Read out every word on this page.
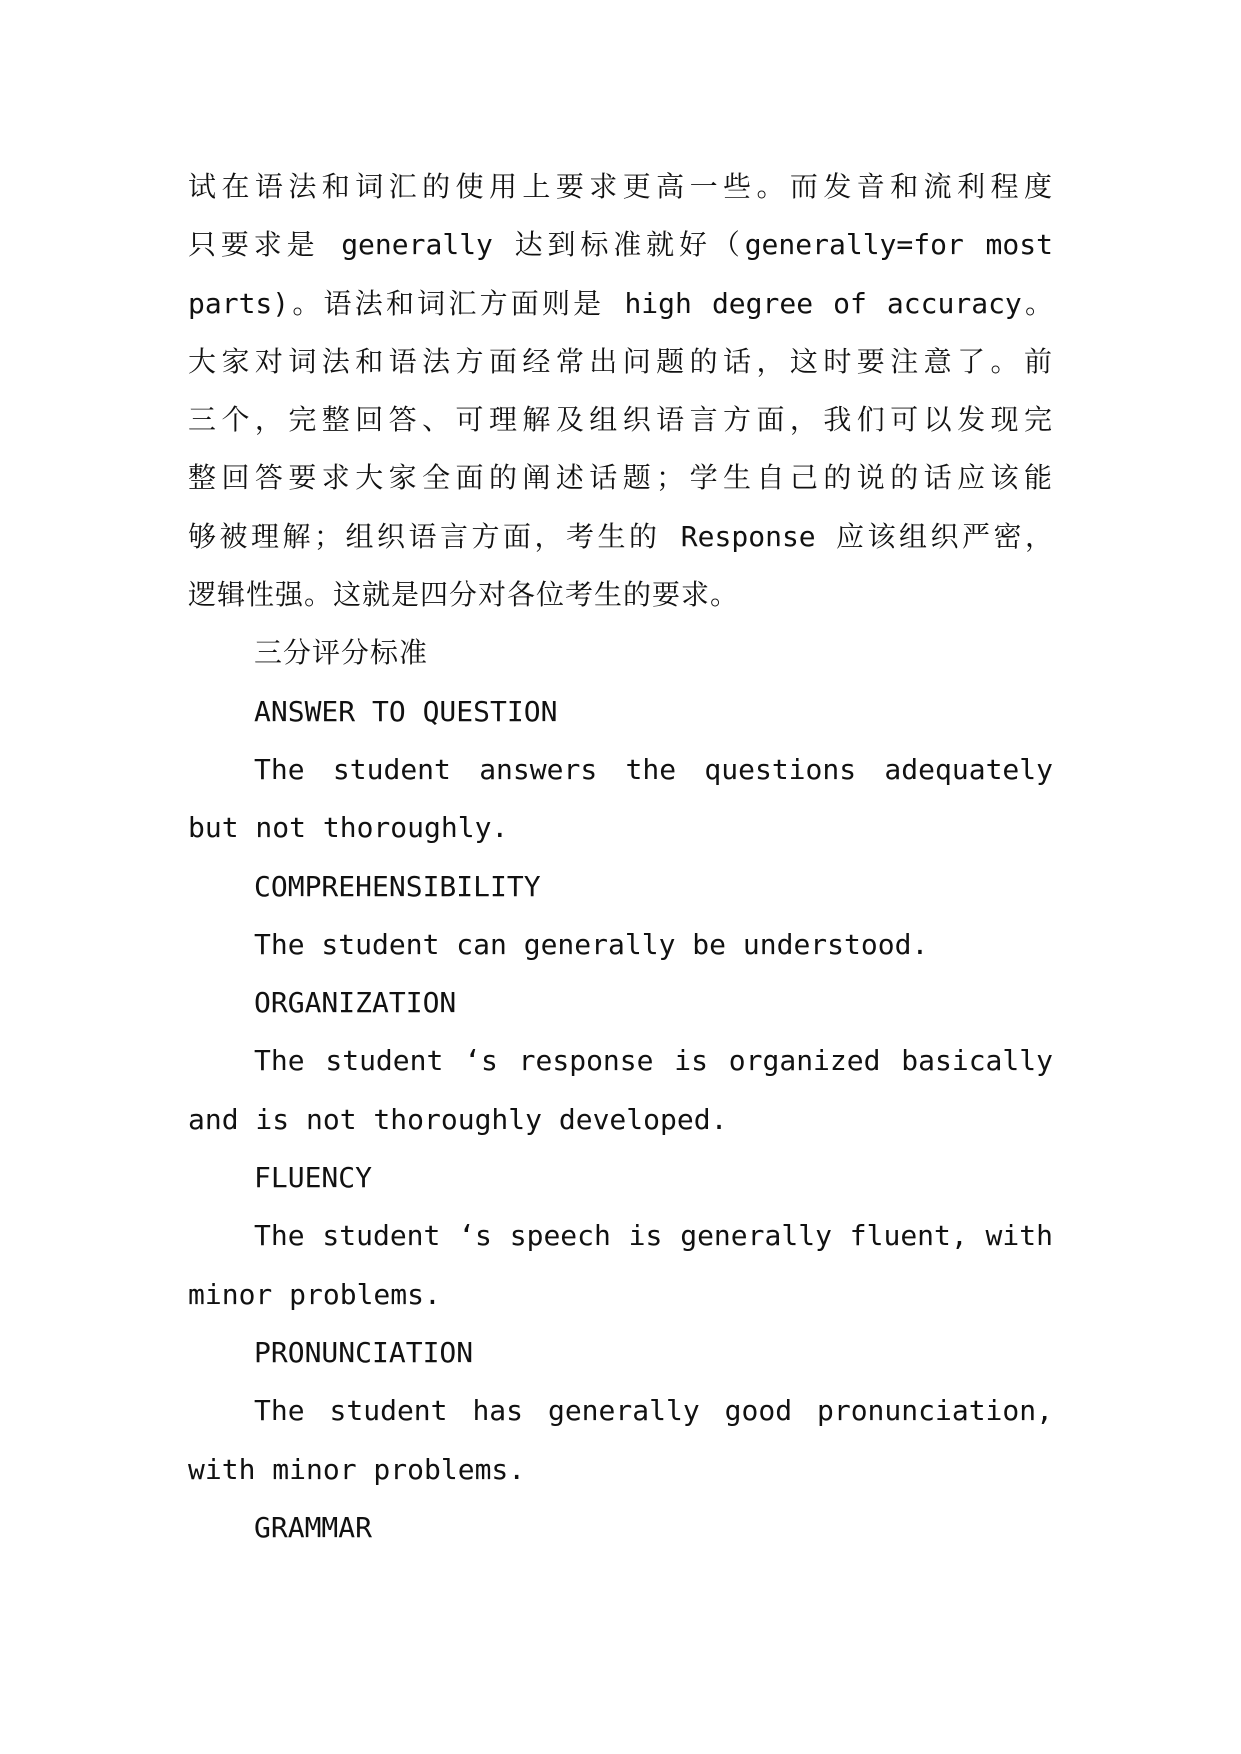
试在语法和词汇的使用上要求更高一些。而发音和流利程度
只要求是 generally 达到标准就好（generally=for most
parts)。语法和词汇方面则是 high degree of accuracy。
大家对词法和语法方面经常出问题的话，这时要注意了。前
三个，完整回答、可理解及组织语言方面，我们可以发现完
整回答要求大家全面的阐述话题；学生自己的说的话应该能
够被理解；组织语言方面，考生的 Response 应该组织严密，
逻辑性强。这就是四分对各位考生的要求。
三分评分标准
ANSWER TO QUESTION
The student answers the questions adequately
but not thoroughly.
COMPREHENSIBILITY
The student can generally be understood.
ORGANIZATION
The student ‘s response is organized basically
and is not thoroughly developed.
FLUENCY
The student ‘s speech is generally fluent, with
minor problems.
PRONUNCIATION
The student has generally good pronunciation,
with minor problems.
GRAMMAR
